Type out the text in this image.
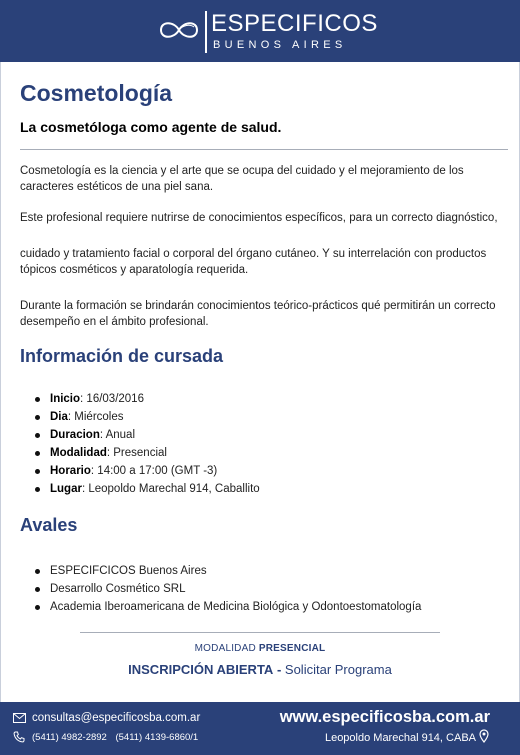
ESPECIFICOS
BUENOS AIRES
Cosmetología
La cosmetóloga como agente de salud.

Cosmetología es la ciencia y el arte que se ocupa del cuidado y el mejoramiento de los caracteres estéticos de una piel sana.

Este profesional requiere nutrirse de conocimientos específicos, para un correcto diagnóstico,

cuidado y tratamiento facial o corporal del órgano cutáneo. Y su interrelación con productos tópicos cosméticos y aparatología requerida.

Durante la formación se brindarán conocimientos teórico-prácticos qué permitirán un correcto desempeño en el ámbito profesional.

Información de cursada
Inicio: 16/03/2016
Dia: Miércoles
Duracion: Anual
Modalidad: Presencial
Horario: 14:00 a 17:00 (GMT -3)
Lugar: Leopoldo Marechal 914, Caballito
Avales
ESPECIFCICOS Buenos Aires
Desarrollo Cosmético SRL
Academia Iberoamericana de Medicina Biológica y Odontoestomatología
MODALIDAD PRESENCIAL
INSCRIPCIÓN ABIERTA - Solicitar Programa
consultas@especificosba.com.ar
(5411) 4982-2892 (5411) 4139-6860/1
www.especificosba.com.ar
Leopoldo Marechal 914, CABA
